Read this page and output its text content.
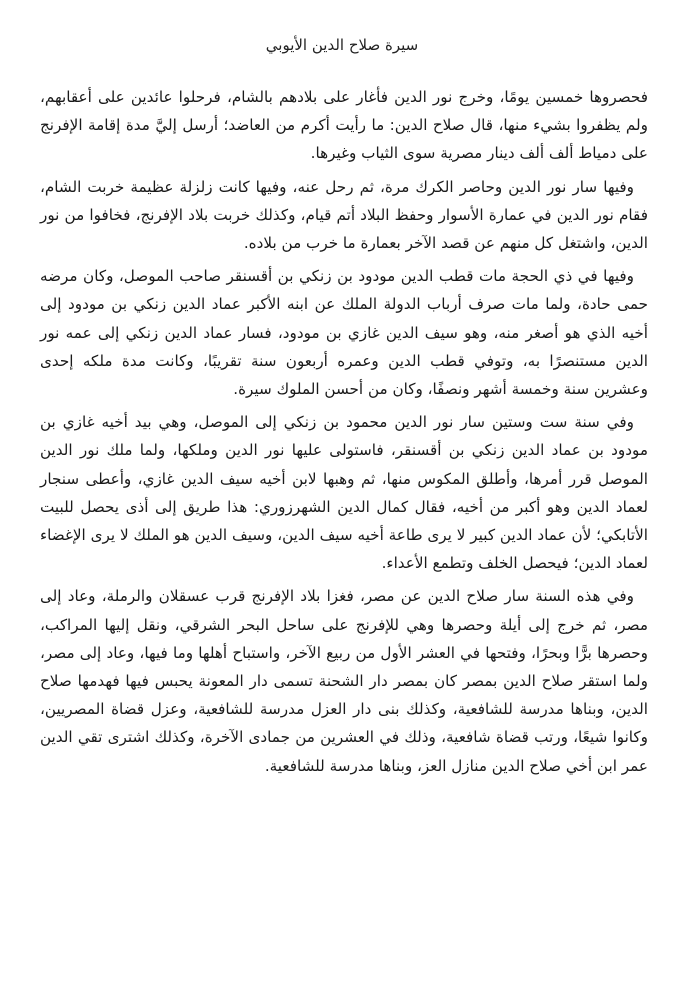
سيرة صلاح الدين الأيوبي

فحصروها خمسين يومًا، وخرج نور الدين فأغار على بلادهم بالشام، فرحلوا عائدين على أعقابهم، ولم يظفروا بشيء منها، قال صلاح الدين: ما رأيت أكرم من العاضد؛ أرسل إليَّ مدة إقامة الإفرنج على دمياط ألف ألف دينار مصرية سوى الثياب وغيرها.

وفيها سار نور الدين وحاصر الكرك مرة، ثم رحل عنه، وفيها كانت زلزلة عظيمة خربت الشام، فقام نور الدين في عمارة الأسوار وحفظ البلاد أتم قيام، وكذلك خربت بلاد الإفرنج، فخافوا من نور الدين، واشتغل كل منهم عن قصد الآخر بعمارة ما خرب من بلاده.

وفيها في ذي الحجة مات قطب الدين مودود بن زنكي بن أقسنقر صاحب الموصل، وكان مرضه حمى حادة، ولما مات صرف أرباب الدولة الملك عن ابنه الأكبر عماد الدين زنكي بن مودود إلى أخيه الذي هو أصغر منه، وهو سيف الدين غازي بن مودود، فسار عماد الدين زنكي إلى عمه نور الدين مستنصرًا به، وتوفي قطب الدين وعمره أربعون سنة تقريبًا، وكانت مدة ملكه إحدى وعشرين سنة وخمسة أشهر ونصفًا، وكان من أحسن الملوك سيرة.

وفي سنة ست وستين سار نور الدين محمود بن زنكي إلى الموصل، وهي بيد أخيه غازي بن مودود بن عماد الدين زنكي بن أقسنقر، فاستولى عليها نور الدين وملكها، ولما ملك نور الدين الموصل قرر أمرها، وأطلق المكوس منها، ثم وهبها لابن أخيه سيف الدين غازي، وأعطى سنجار لعماد الدين وهو أكبر من أخيه، فقال كمال الدين الشهرزوري: هذا طريق إلى أذى يحصل للبيت الأتابكي؛ لأن عماد الدين كبير لا يرى طاعة أخيه سيف الدين، وسيف الدين هو الملك لا يرى الإغضاء لعماد الدين؛ فيحصل الخلف وتطمع الأعداء.

وفي هذه السنة سار صلاح الدين عن مصر، فغزا بلاد الإفرنج قرب عسقلان والرملة، وعاد إلى مصر، ثم خرج إلى أيلة وحصرها وهي للإفرنج على ساحل البحر الشرقي، ونقل إليها المراكب، وحصرها برًّا وبحرًا، وفتحها في العشر الأول من ربيع الآخر، واستباح أهلها وما فيها، وعاد إلى مصر، ولما استقر صلاح الدين بمصر كان بمصر دار الشحنة تسمى دار المعونة يحبس فيها فهدمها صلاح الدين، وبناها مدرسة للشافعية، وكذلك بنى دار العزل مدرسة للشافعية، وعزل قضاة المصريين، وكانوا شيعًا، ورتب قضاة شافعية، وذلك في العشرين من جمادى الآخرة، وكذلك اشترى تقي الدين عمر ابن أخي صلاح الدين منازل العز، وبناها مدرسة للشافعية.
